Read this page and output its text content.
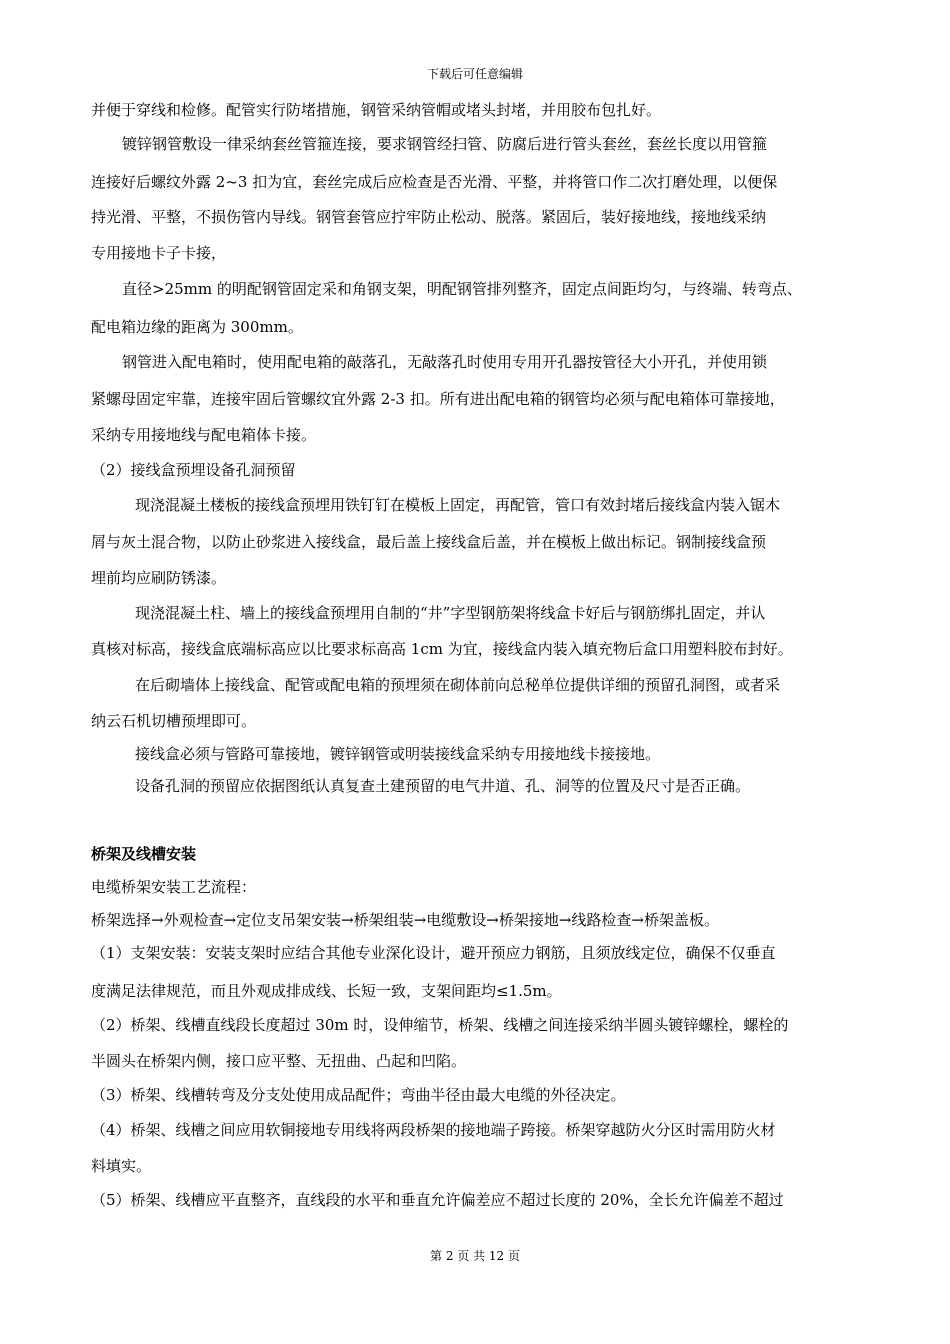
下载后可任意编辑
并便于穿线和检修。配管实行防堵措施，钢管采纳管帽或堵头封堵，并用胶布包扎好。
镀锌钢管敷设一律采纳套丝管箍连接，要求钢管经扫管、防腐后进行管头套丝，套丝长度以用管箍
连接好后螺纹外露 2~3 扣为宜，套丝完成后应检查是否光滑、平整，并将管口作二次打磨处理，以便保
持光滑、平整，不损伤管内导线。钢管套管应拧牢防止松动、脱落。紧固后，装好接地线，接地线采纳
专用接地卡子卡接，
直径>25mm 的明配钢管固定采和角钢支架，明配钢管排列整齐，固定点间距均匀，与终端、转弯点、
配电箱边缘的距离为 300mm。
钢管进入配电箱时，使用配电箱的敲落孔，无敲落孔时使用专用开孔器按管径大小开孔，并使用锁
紧螺母固定牢靠，连接牢固后管螺纹宜外露 2-3 扣。所有进出配电箱的钢管均必须与配电箱体可靠接地，
采纳专用接地线与配电箱体卡接。
（2）接线盒预埋设备孔洞预留
现浇混凝土楼板的接线盒预埋用铁钉钉在模板上固定，再配管，管口有效封堵后接线盒内装入锯木
屑与灰土混合物，以防止砂浆进入接线盒，最后盖上接线盒后盖，并在模板上做出标记。钢制接线盒预
埋前均应刷防锈漆。
现浇混凝土柱、墙上的接线盒预埋用自制的“井”字型钢筋架将线盒卡好后与钢筋绑扎固定，并认
真核对标高，接线盒底端标高应以比要求标高高 1cm 为宜，接线盒内装入填充物后盒口用塑料胶布封好。
在后砌墙体上接线盒、配管或配电箱的预埋须在砌体前向总秘单位提供详细的预留孔洞图，或者采
纳云石机切槽预埋即可。
接线盒必须与管路可靠接地，镀锌钢管或明装接线盒采纳专用接地线卡接接地。
设备孔洞的预留应依据图纸认真复查土建预留的电气井道、孔、洞等的位置及尺寸是否正确。
桥架及线槽安装
电缆桥架安装工艺流程：
桥架选择→外观检查→定位支吊架安装→桥架组装→电缆敷设→桥架接地→线路检查→桥架盖板。
（1）支架安装：安装支架时应结合其他专业深化设计，避开预应力钢筋，且须放线定位，确保不仅垂直
度满足法律规范，而且外观成排成线、长短一致，支架间距均≤1.5m。
（2）桥架、线槽直线段长度超过 30m 时，设伸缩节，桥架、线槽之间连接采纳半圆头镀锌螺栓，螺栓的
半圆头在桥架内侧，接口应平整、无扭曲、凸起和凹陷。
（3）桥架、线槽转弯及分支处使用成品配件；弯曲半径由最大电缆的外径决定。
（4）桥架、线槽之间应用软铜接地专用线将两段桥架的接地端子跨接。桥架穿越防火分区时需用防火材
料填实。
（5）桥架、线槽应平直整齐，直线段的水平和垂直允许偏差应不超过长度的 20%，全长允许偏差不超过
第 2 页 共 12 页
